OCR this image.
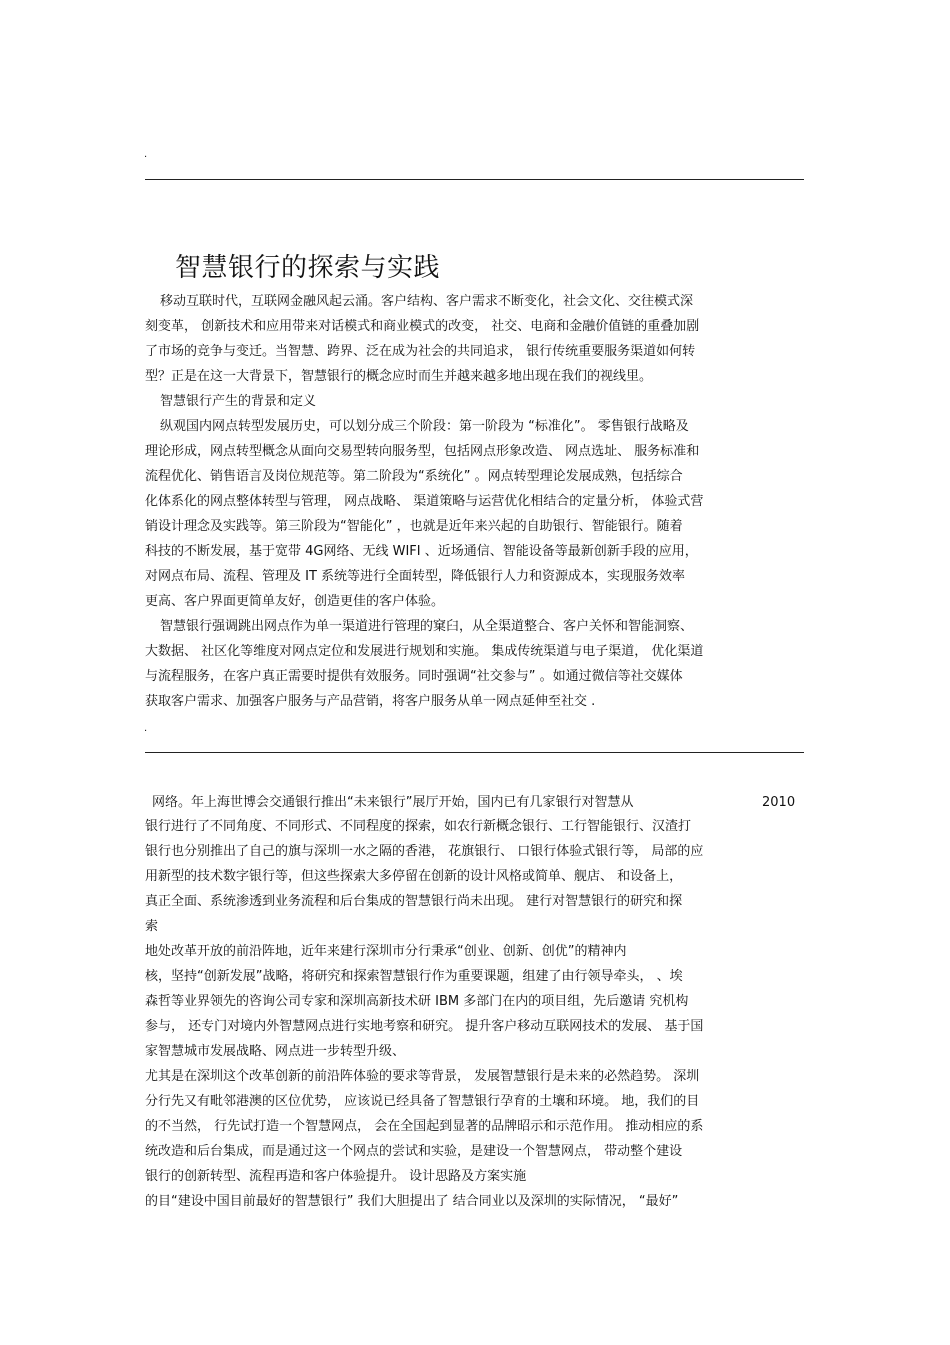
.
智慧银行的探索与实践
移动互联时代，互联网金融风起云涌。客户结构、客户需求不断变化，社会文化、交往模式深
刻变革， 创新技术和应用带来对话模式和商业模式的改变， 社交、电商和金融价值链的重叠加剧
了市场的竞争与变迁。当智慧、跨界、泛在成为社会的共同追求， 银行传统重要服务渠道如何转
型？正是在这一大背景下，智慧银行的概念应时而生并越来越多地出现在我们的视线里。
智慧银行产生的背景和定义
纵观国内网点转型发展历史，可以划分成三个阶段：第一阶段为 “标准化”。 零售银行战略及
理论形成，网点转型概念从面向交易型转向服务型，包括网点形象改造、 网点选址、 服务标准和
流程优化、销售语言及岗位规范等。第二阶段为“系统化” 。网点转型理论发展成熟，包括综合
化体系化的网点整体转型与管理， 网点战略、 渠道策略与运营优化相结合的定量分析， 体验式营
销设计理念及实践等。第三阶段为“智能化” ，也就是近年来兴起的自助银行、智能银行。随着
科技的不断发展，基于宽带 4G网络、无线 WIFI 、近场通信、智能设备等最新创新手段的应用，
对网点布局、流程、管理及 IT 系统等进行全面转型，降低银行人力和资源成本，实现服务效率
更高、客户界面更简单友好，创造更佳的客户体验。
智慧银行强调跳出网点作为单一渠道进行管理的窠臼，从全渠道整合、客户关怀和智能洞察、
大数据、 社区化等维度对网点定位和发展进行规划和实施。 集成传统渠道与电子渠道， 优化渠道
与流程服务，在客户真正需要时提供有效服务。同时强调“社交参与” 。如通过微信等社交媒体
获取客户需求、加强客户服务与产品营销，将客户服务从单一网点延伸至社交 .
.
网络。年上海世博会交通银行推出“未来银行”展厅开始，国内已有几家银行对智慧从	2010
银行进行了不同角度、不同形式、不同程度的探索，如农行新概念银行、工行智能银行、汉渣打
银行也分别推出了自己的旗与深圳一水之隔的香港， 花旗银行、 口银行体验式银行等， 局部的应
用新型的技术数字银行等，但这些探索大多停留在创新的设计风格或简单、舰店、 和设备上，
真正全面、系统渗透到业务流程和后台集成的智慧银行尚未出现。 建行对智慧银行的研究和探
索
地处改革开放的前沿阵地，近年来建行深圳市分行秉承“创业、创新、创优”的精神内
核，坚持“创新发展”战略，将研究和探索智慧银行作为重要课题，组建了由行领导牵头， 、埃
森哲等业界领先的咨询公司专家和深圳高新技术研 IBM 多部门在内的项目组，先后邀请 究机构
参与， 还专门对境内外智慧网点进行实地考察和研究。 提升客户移动互联网技术的发展、 基于国
家智慧城市发展战略、网点进一步转型升级、
尤其是在深圳这个改革创新的前沿阵体验的要求等背景， 发展智慧银行是未来的必然趋势。 深圳
分行先又有毗邻港澳的区位优势， 应该说已经具备了智慧银行孕育的土壤和环境。 地，我们的目
的不当然， 行先试打造一个智慧网点， 会在全国起到显著的品牌昭示和示范作用。 推动相应的系
统改造和后台集成，而是通过这一个网点的尝试和实验，是建设一个智慧网点， 带动整个建设
银行的创新转型、流程再造和客户体验提升。 设计思路及方案实施
的目“建设中国目前最好的智慧银行” 我们大胆提出了 结合同业以及深圳的实际情况， “最好”
